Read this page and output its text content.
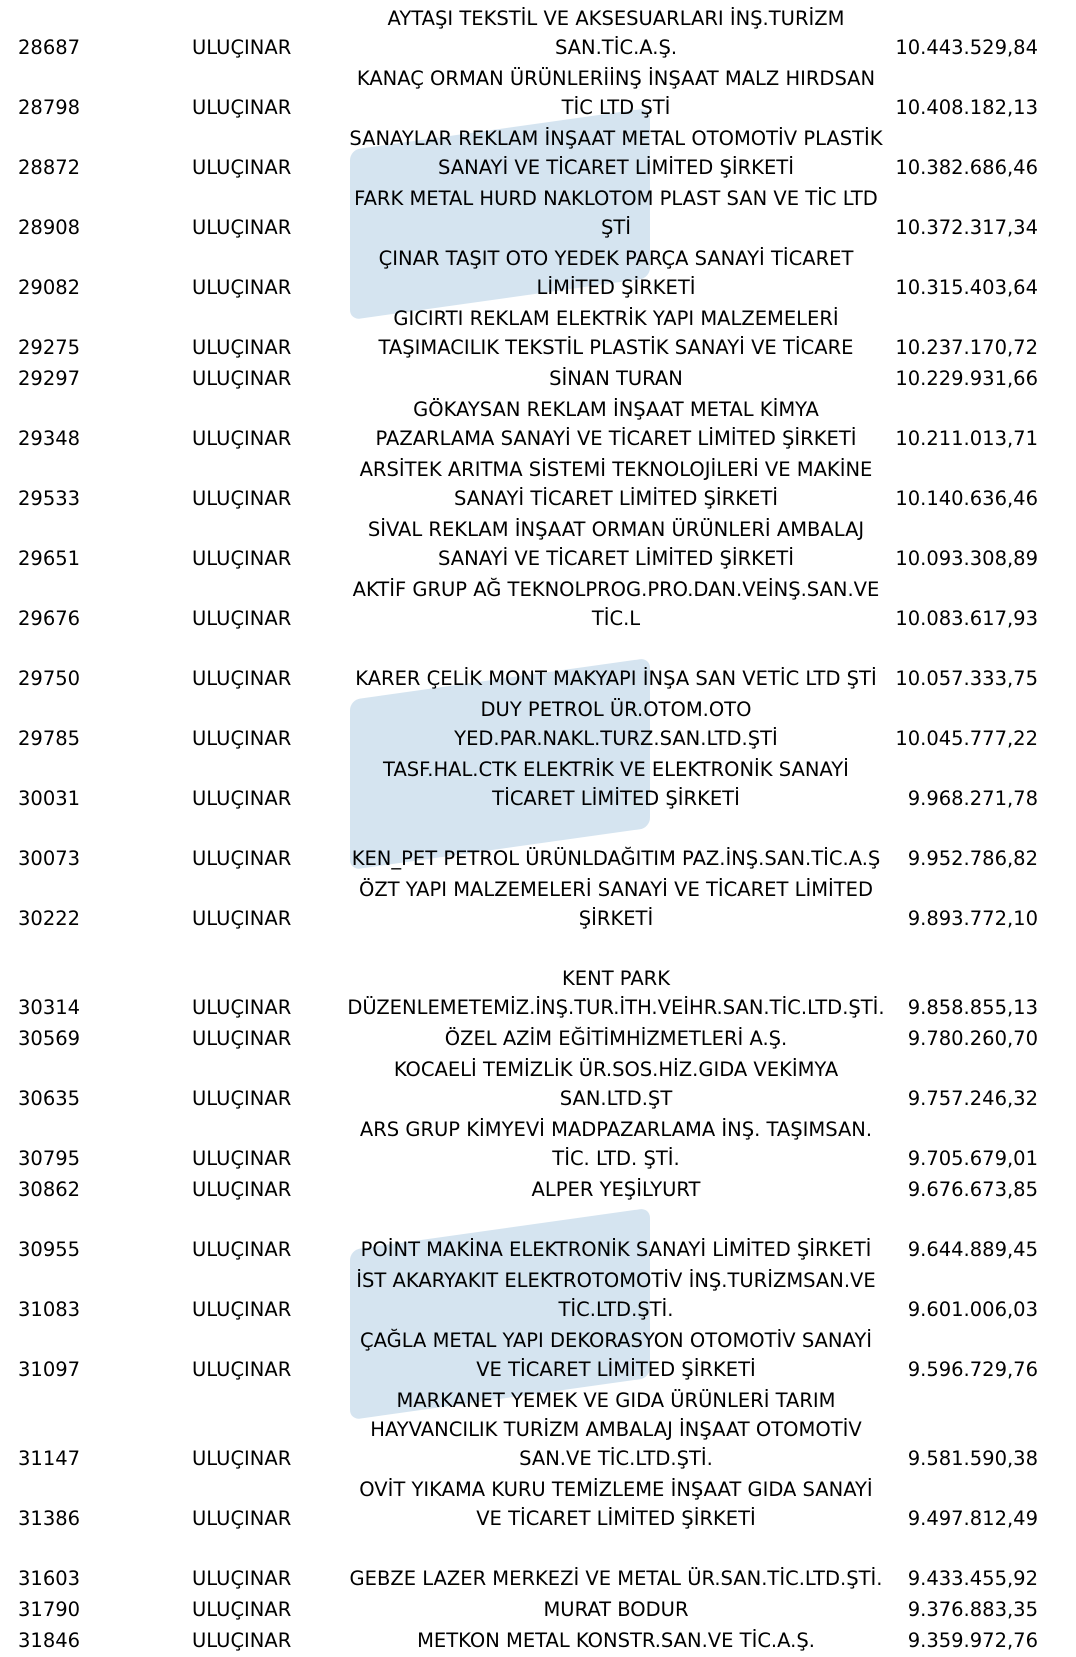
28687	ULUÇINAR
AYTAŞI TEKSTİL VE AKSESUARLARI İNŞ.TURİZM
SAN.TİC.A.Ş.	10.443.529,84
28798	ULUÇINAR
KANAÇ ORMAN ÜRÜNLERİİNŞ İNŞAAT MALZ HIRDSAN
TİC LTD ŞTİ	10.408.182,13
28872	ULUÇINAR
SANAYLAR REKLAM İNŞAAT METAL OTOMOTİV PLASTİK
SANAYİ VE TİCARET LİMİTED ŞİRKETİ	10.382.686,46
28908	ULUÇINAR
FARK METAL HURD NAKLOTOM PLAST SAN VE TİC LTD
ŞTİ	10.372.317,34
29082	ULUÇINAR
ÇINAR TAŞIT OTO YEDEK PARÇA SANAYİ TİCARET
LİMİTED ŞİRKETİ	10.315.403,64
29275	ULUÇINAR
GICIRTI REKLAM ELEKTRİK YAPI MALZEMELERİ
TAŞIMACILIK TEKSTİL PLASTİK SANAYİ VE TİCARE	10.237.170,72
29297	ULUÇINAR	SİNAN TURAN	10.229.931,66
29348	ULUÇINAR
GÖKAYSAN REKLAM İNŞAAT METAL KİMYA
PAZARLAMA SANAYİ VE TİCARET LİMİTED ŞİRKETİ	10.211.013,71
29533	ULUÇINAR
ARSİTEK ARITMA SİSTEMİ TEKNOLOJİLERİ VE MAKİNE
SANAYİ TİCARET LİMİTED ŞİRKETİ	10.140.636,46
29651	ULUÇINAR
SİVAL REKLAM İNŞAAT ORMAN ÜRÜNLERİ AMBALAJ
SANAYİ VE TİCARET LİMİTED ŞİRKETİ	10.093.308,89
29676	ULUÇINAR
AKTİF GRUP AĞ TEKNOLPROG.PRO.DAN.VEİNŞ.SAN.VE
TİC.L	10.083.617,93
29750	ULUÇINAR	KARER ÇELİK MONT MAKYAPI İNŞA SAN VETİC LTD ŞTİ 10.057.333,75
29785	ULUÇINAR
DUY PETROL ÜR.OTOM.OTO
YED.PAR.NAKL.TURZ.SAN.LTD.ŞTİ	10.045.777,22
30031	ULUÇINAR
TASF.HAL.CTK ELEKTRİK VE ELEKTRONİK SANAYİ
TİCARET LİMİTED ŞİRKETİ	9.968.271,78
30073	ULUÇINAR	KEN_PET PETROL ÜRÜNLDAĞITIM PAZ.İNŞ.SAN.TİC.A.Ş	9.952.786,82
30222	ULUÇINAR
ÖZT YAPI MALZEMELERİ SANAYİ VE TİCARET LİMİTED
ŞİRKETİ	9.893.772,10
30314	ULUÇINAR
KENT PARK
DÜZENLEMETEMİZ.İNŞ.TUR.İTH.VEİHR.SAN.TİC.LTD.ŞTİ.	9.858.855,13
30569	ULUÇINAR	ÖZEL AZİM EĞİTİMHİZMETLERİ A.Ş.	9.780.260,70
30635	ULUÇINAR
KOCAELİ TEMİZLİK ÜR.SOS.HİZ.GIDA VEKİMYA
SAN.LTD.ŞT	9.757.246,32
30795	ULUÇINAR
ARS GRUP KİMYEVİ MADPAZARLAMA İNŞ. TAŞIMSAN.
TİC. LTD. ŞTİ.	9.705.679,01
30862	ULUÇINAR	ALPER YEŞİLYURT	9.676.673,85
30955	ULUÇINAR	POİNT MAKİNA ELEKTRONİK SANAYİ LİMİTED ŞİRKETİ	9.644.889,45
31083	ULUÇINAR
İST AKARYAKIT ELEKTROTOMOTİV İNŞ.TURİZMSAN.VE
TİC.LTD.ŞTİ.	9.601.006,03
31097	ULUÇINAR
ÇAĞLA METAL YAPI DEKORASYON OTOMOTİV SANAYİ
VE TİCARET LİMİTED ŞİRKETİ	9.596.729,76
31147	ULUÇINAR
MARKANET YEMEK VE GIDA ÜRÜNLERİ TARIM
HAYVANCILIK TURİZM AMBALAJ İNŞAAT OTOMOTİV
SAN.VE TİC.LTD.ŞTİ.	9.581.590,38
31386	ULUÇINAR
OVİT YIKAMA KURU TEMİZLEME İNŞAAT GIDA SANAYİ
VE TİCARET LİMİTED ŞİRKETİ	9.497.812,49
31603	ULUÇINAR	GEBZE LAZER MERKEZİ VE METAL ÜR.SAN.TİC.LTD.ŞTİ.	9.433.455,92
31790	ULUÇINAR	MURAT BODUR	9.376.883,35
31846	ULUÇINAR	METKON METAL KONSTR.SAN.VE TİC.A.Ş.	9.359.972,76
